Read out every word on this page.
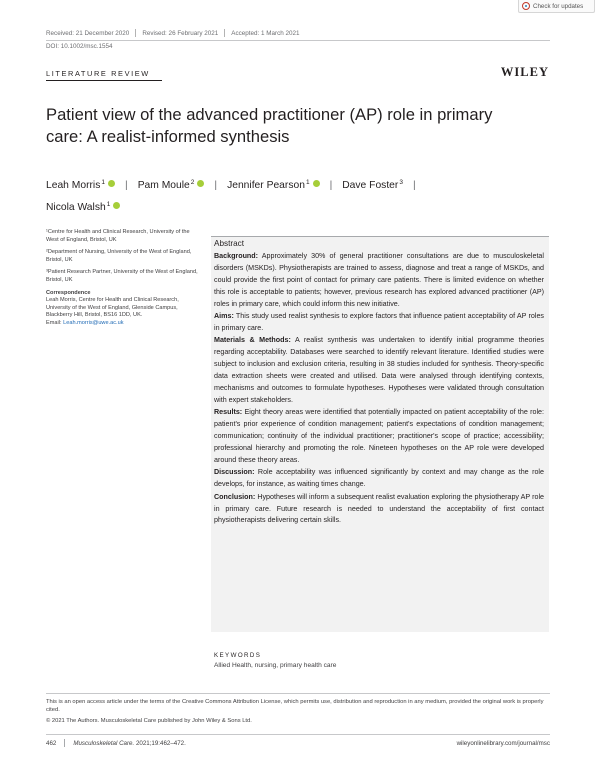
Check for updates
Received: 21 December 2020 Revised: 26 February 2021 Accepted: 1 March 2021
DOI: 10.1002/msc.1554
LITERATURE REVIEW	WILEY
Patient view of the advanced practitioner (AP) role in primary care: A realist-informed synthesis
Leah Morris$^1$ | Pam Moule$^2$ | Jennifer Pearson$^1$ | Dave Foster$^3$ |
Nicola Walsh$^1$

¹Centre for Health and Clinical Research, University of the West of England, Bristol, UK

²Department of Nursing, University of the West of England, Bristol, UK

³Patient Research Partner, University of the West of England, Bristol, UK

Correspondence

Leah Morris, Centre for Health and Clinical Research, University of the West of England, Glenside Campus, Blackberry Hill, Bristol, BS16 1DD, UK.

Email: Leah.morris@uwe.ac.uk

Abstract

Background: Approximately 30% of general practitioner consultations are due to musculoskeletal disorders (MSKDs). Physiotherapists are trained to assess, diagnose and treat a range of MSKDs, and could provide the first point of contact for primary care patients. There is limited evidence on whether this role is acceptable to patients; however, previous research has explored advanced practitioner (AP) roles in primary care, which could inform this new initiative.

Aims: This study used realist synthesis to explore factors that influence patient acceptability of AP roles in primary care.

Materials & Methods: A realist synthesis was undertaken to identify initial programme theories regarding acceptability. Databases were searched to identify relevant literature. Identified studies were subject to inclusion and exclusion criteria, resulting in 38 studies included for synthesis. Theory-specific data extraction sheets were created and utilised. Data were analysed through identifying contexts, mechanisms and outcomes to formulate hypotheses. Hypotheses were validated through consultation with expert stakeholders.

Results: Eight theory areas were identified that potentially impacted on patient acceptability of the role: patient's prior experience of condition management; patient's expectations of condition management; communication; continuity of the individual practitioner; practitioner's scope of practice; accessibility; professional hierarchy and promoting the role. Nineteen hypotheses on the AP role were developed around these theory areas.

Discussion: Role acceptability was influenced significantly by context and may change as the role develops, for instance, as waiting times change.

Conclusion: Hypotheses will inform a subsequent realist evaluation exploring the physiotherapy AP role in primary care. Future research is needed to understand the acceptability of first contact physiotherapists delivering certain skills.

KEYWORDS
Allied Health, nursing, primary health care
This is an open access article under the terms of the Creative Commons Attribution License, which permits use, distribution and reproduction in any medium, provided the original work is properly cited.
© 2021 The Authors. Musculoskeletal Care published by John Wiley & Sons Ltd.
462	Musculoskeletal Care.
2021;19:462–472.	wileyonlinelibrary.com/journal/msc
